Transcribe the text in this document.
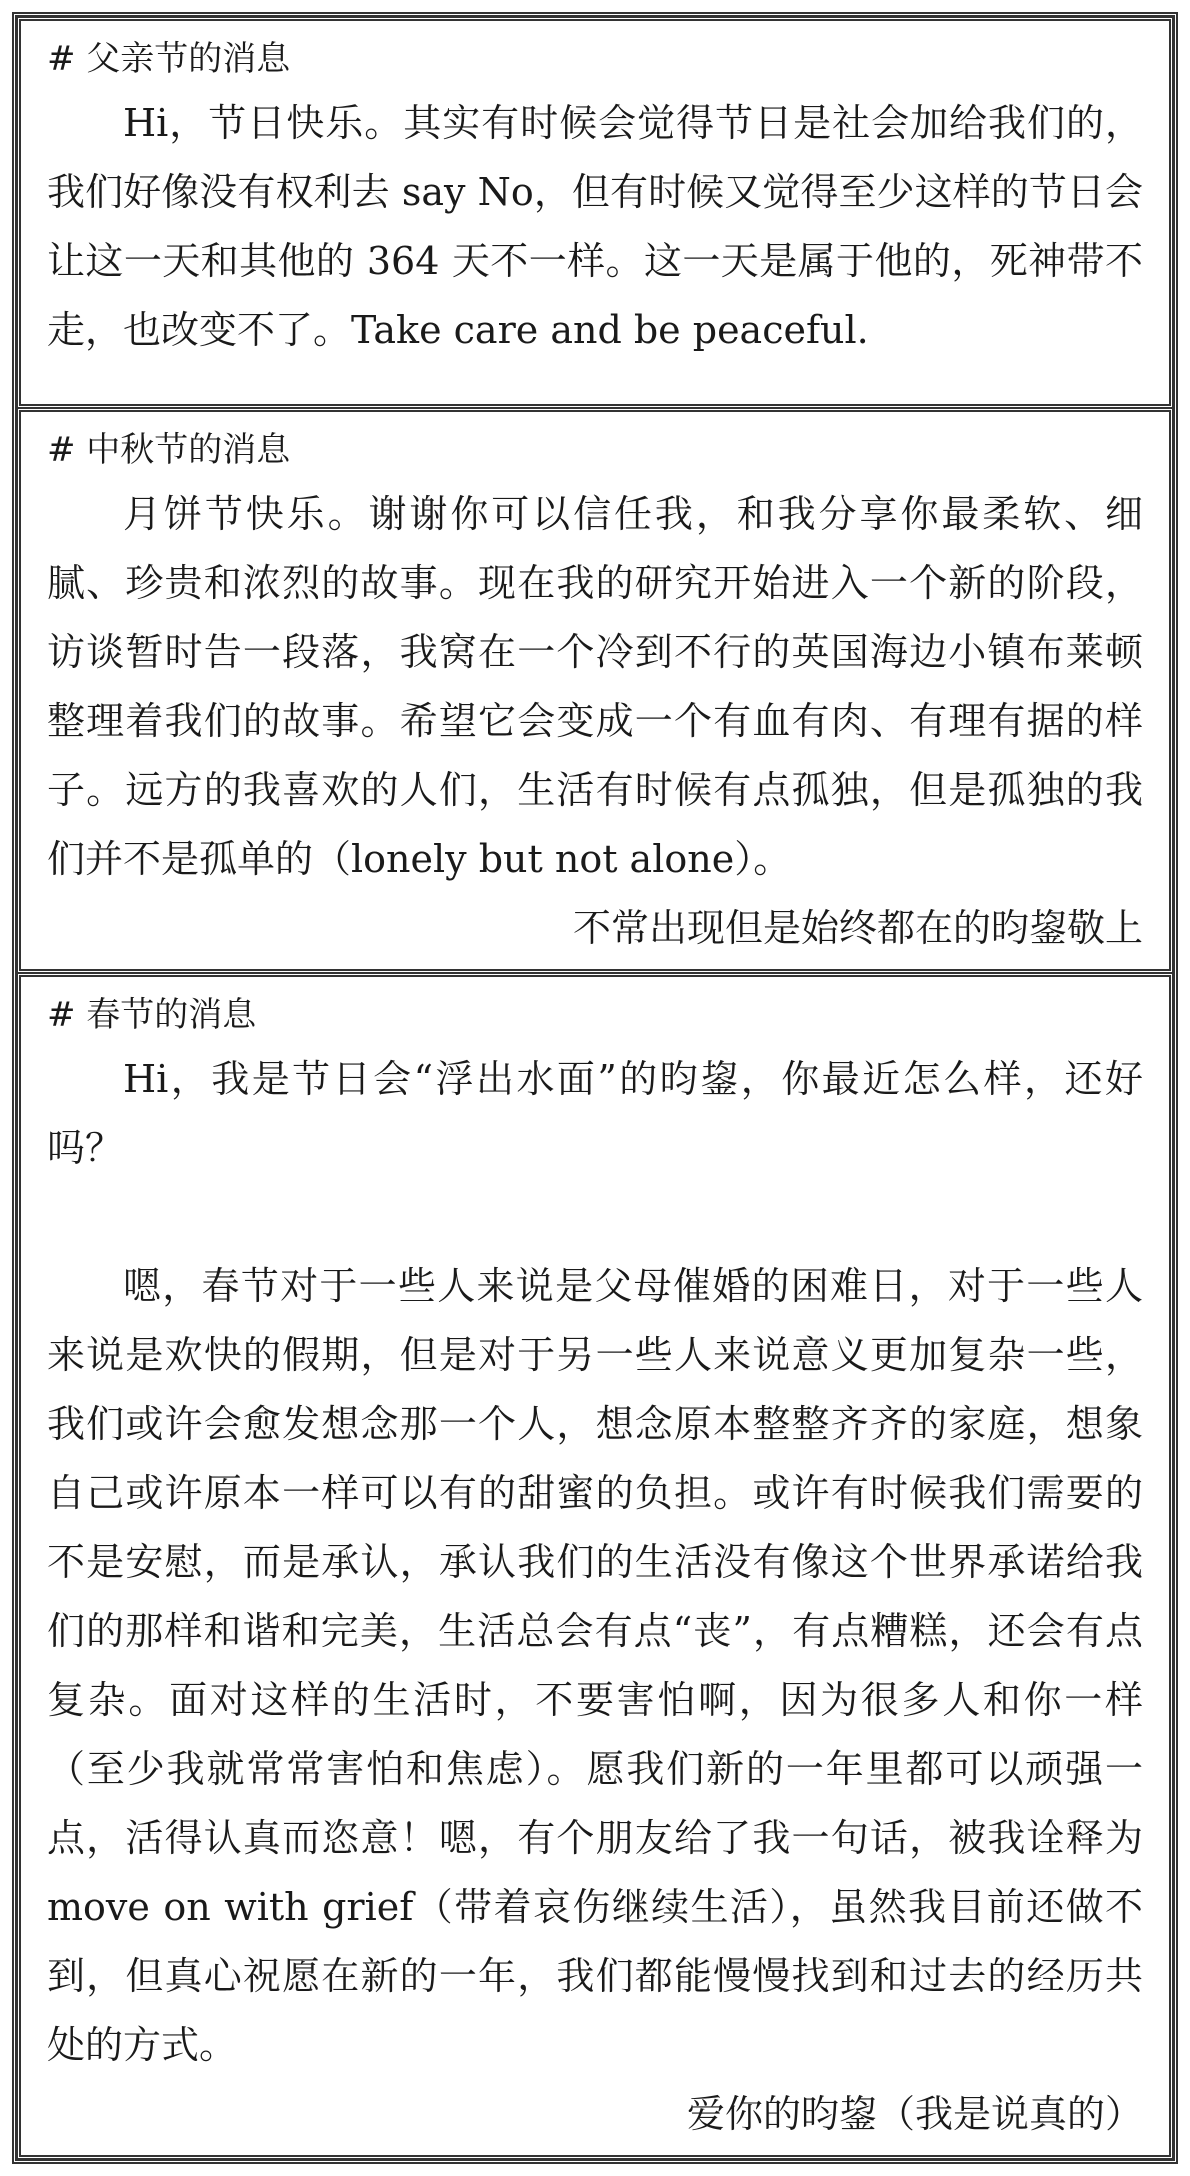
# 父亲节的消息

Hi，节日快乐。其实有时候会觉得节日是社会加给我们的，我们好像没有权利去 say No，但有时候又觉得至少这样的节日会让这一天和其他的 364 天不一样。这一天是属于他的，死神带不走，也改变不了。Take care and be peaceful.

# 中秋节的消息

月饼节快乐。谢谢你可以信任我，和我分享你最柔软、细腻、珍贵和浓烈的故事。现在我的研究开始进入一个新的阶段，访谈暂时告一段落，我窝在一个冷到不行的英国海边小镇布莱顿整理着我们的故事。希望它会变成一个有血有肉、有理有据的样子。远方的我喜欢的人们，生活有时候有点孤独，但是孤独的我们并不是孤单的（lonely but not alone）。

不常出现但是始终都在的昀鋆敬上
# 春节的消息

Hi，我是节日会“浮出水面”的昀鋆，你最近怎么样，还好吗？

嗯，春节对于一些人来说是父母催婚的困难日，对于一些人来说是欢快的假期，但是对于另一些人来说意义更加复杂一些，我们或许会愈发想念那一个人，想念原本整整齐齐的家庭，想象自己或许原本一样可以有的甜蜜的负担。或许有时候我们需要的不是安慰，而是承认，承认我们的生活没有像这个世界承诺给我们的那样和谐和完美，生活总会有点“丧”，有点糟糕，还会有点复杂。面对这样的生活时，不要害怕啊，因为很多人和你一样（至少我就常常害怕和焦虑）。愿我们新的一年里都可以顽强一点，活得认真而恣意！嗯，有个朋友给了我一句话，被我诠释为 move on with grief（带着哀伤继续生活），虽然我目前还做不到，但真心祝愿在新的一年，我们都能慢慢找到和过去的经历共处的方式。

爱你的昀鋆（我是说真的）
